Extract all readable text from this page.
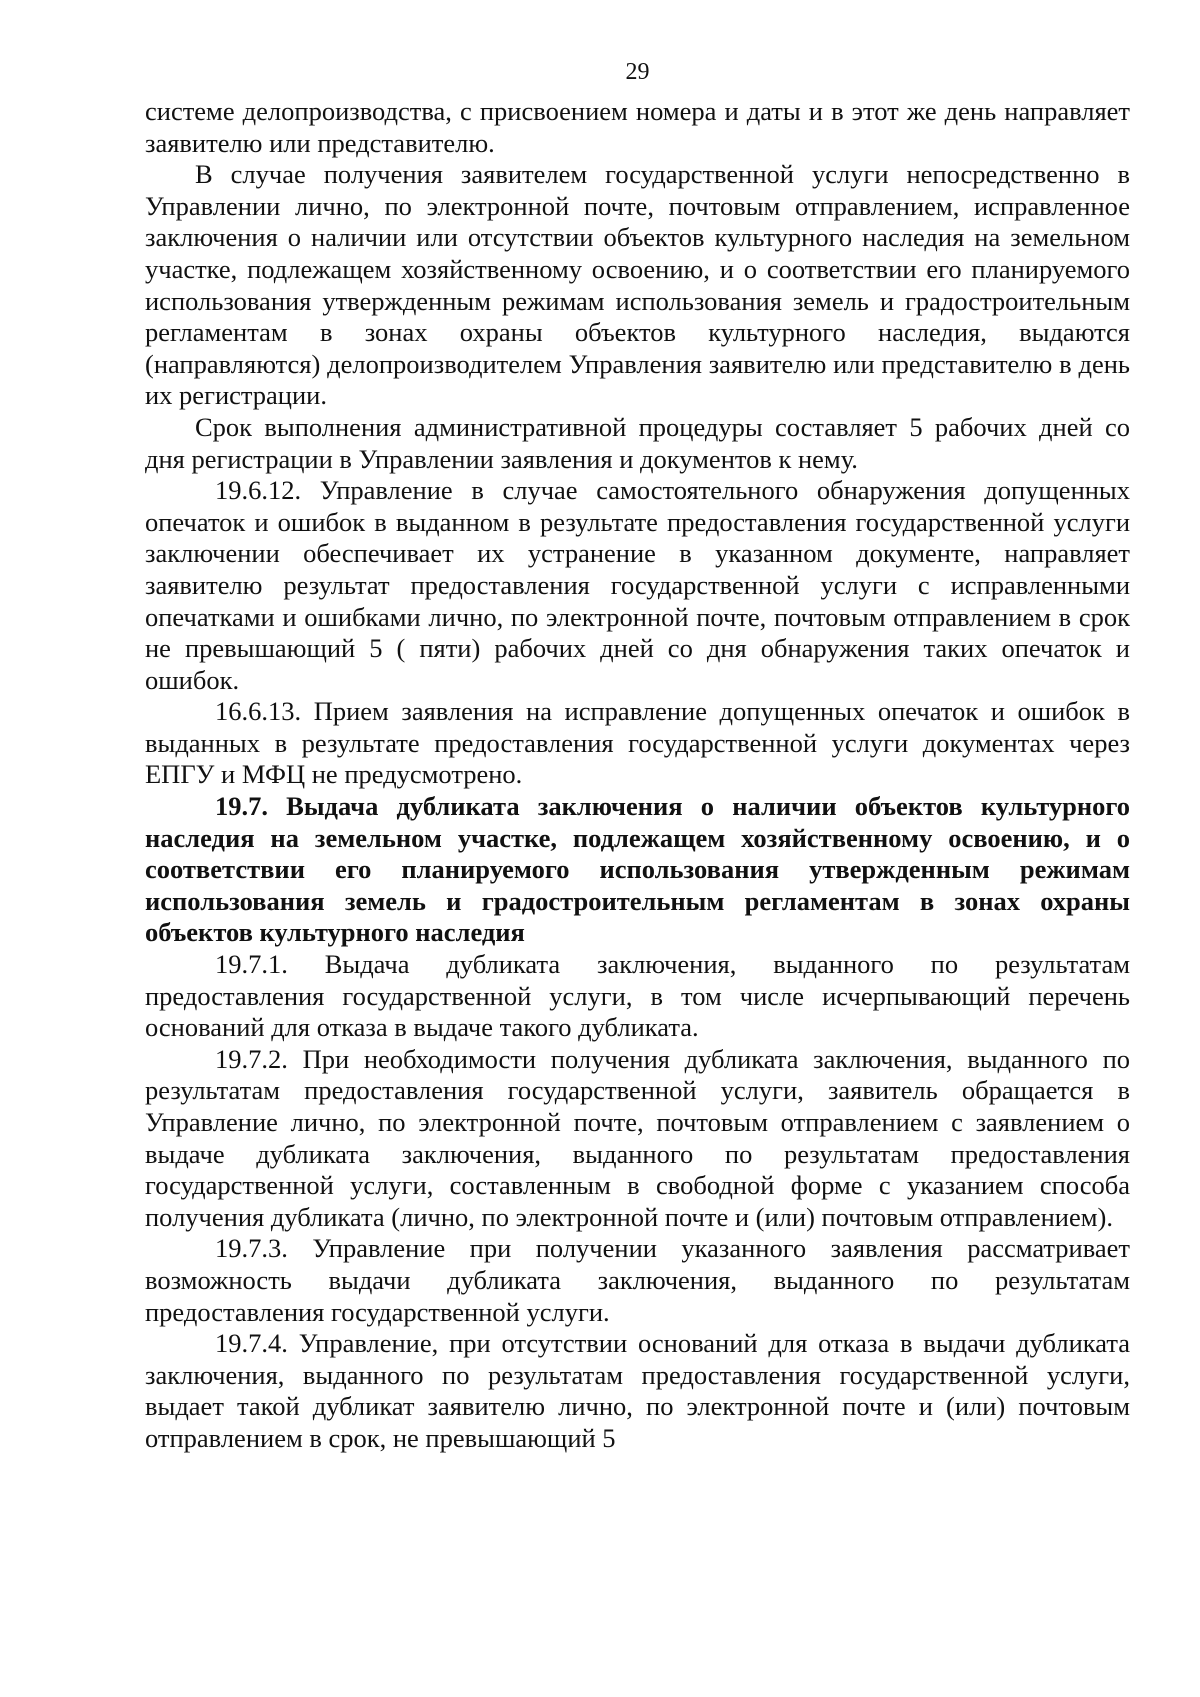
29

системе делопроизводства, с присвоением номера и даты и в этот же день направляет заявителю или представителю.

В случае получения заявителем государственной услуги непосредственно в Управлении лично, по электронной почте, почтовым отправлением, исправленное заключения о наличии или отсутствии объектов культурного наследия на земельном участке, подлежащем хозяйственному освоению, и о соответствии его планируемого использования утвержденным режимам использования земель и градостроительным регламентам в зонах охраны объектов культурного наследия, выдаются (направляются) делопроизводителем Управления заявителю или представителю в день их регистрации.

Срок выполнения административной процедуры составляет 5 рабочих дней со дня регистрации в Управлении заявления и документов к нему.

19.6.12. Управление в случае самостоятельного обнаружения допущенных опечаток и ошибок в выданном в результате предоставления государственной услуги заключении обеспечивает их устранение в указанном документе, направляет заявителю результат предоставления государственной услуги с исправленными опечатками и ошибками лично, по электронной почте, почтовым отправлением в срок не превышающий 5 ( пяти) рабочих дней со дня обнаружения таких опечаток и ошибок.

16.6.13. Прием заявления на исправление допущенных опечаток и ошибок в выданных в результате предоставления государственной услуги документах через ЕПГУ и МФЦ не предусмотрено.

19.7. Выдача дубликата заключения о наличии объектов культурного наследия на земельном участке, подлежащем хозяйственному освоению, и о соответствии его планируемого использования утвержденным режимам использования земель и градостроительным регламентам в зонах охраны объектов культурного наследия

19.7.1. Выдача дубликата заключения, выданного по результатам предоставления государственной услуги, в том числе исчерпывающий перечень оснований для отказа в выдаче такого дубликата.

19.7.2. При необходимости получения дубликата заключения, выданного по результатам предоставления государственной услуги, заявитель обращается в Управление лично, по электронной почте, почтовым отправлением с заявлением о выдаче дубликата заключения, выданного по результатам предоставления государственной услуги, составленным в свободной форме с указанием способа получения дубликата (лично, по электронной почте и (или) почтовым отправлением).

19.7.3. Управление при получении указанного заявления рассматривает возможность выдачи дубликата заключения, выданного по результатам предоставления государственной услуги.

19.7.4. Управление, при отсутствии оснований для отказа в выдачи дубликата заключения, выданного по результатам предоставления государственной услуги, выдает такой дубликат заявителю лично, по электронной почте и (или) почтовым отправлением в срок, не превышающий 5
